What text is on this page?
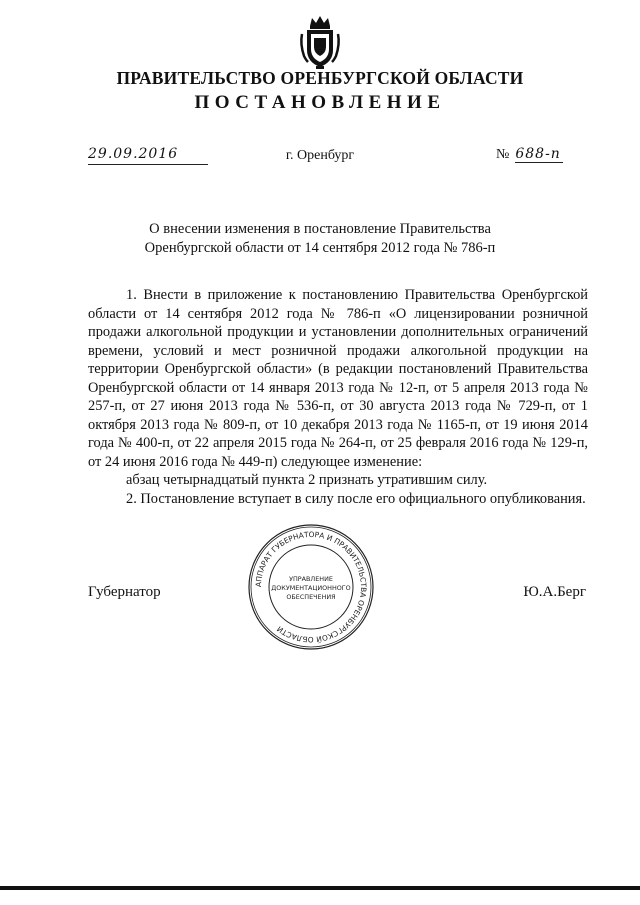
ПРАВИТЕЛЬСТВО ОРЕНБУРГСКОЙ ОБЛАСТИ
ПОСТАНОВЛЕНИЕ
29.09.2016	г. Оренбург	№ 688-п
О внесении изменения в постановление Правительства
Оренбургской области от 14 сентября 2012 года № 786-п

1. Внести в приложение к постановлению Правительства Оренбургской области от 14 сентября 2012 года № 786-п «О лицензировании розничной продажи алкогольной продукции и установлении дополнительных ограничений времени, условий и мест розничной продажи алкогольной продукции на территории Оренбургской области» (в редакции постановлений Правительства Оренбургской области от 14 января 2013 года № 12-п, от 5 апреля 2013 года № 257-п, от 27 июня 2013 года № 536-п, от 30 августа 2013 года № 729-п, от 1 октября 2013 года № 809-п, от 10 декабря 2013 года № 1165-п, от 19 июня 2014 года № 400-п, от 22 апреля 2015 года № 264-п, от 25 февраля 2016 года № 129-п, от 24 июня 2016 года № 449-п) следующее изменение:

абзац четырнадцатый пункта 2 признать утратившим силу.

2. Постановление вступает в силу после его официального опубликования.

Губернатор	АППАРАТ ГУБЕРНАТОРА И ПРАВИТЕЛЬСТВА ОРЕНБУРГСКОЙ ОБЛАСТИ
УПРАВЛЕНИЕ
ДОКУМЕНТАЦИОННОГО
ОБЕСПЕЧЕНИЯ	Ю.А.Берг
